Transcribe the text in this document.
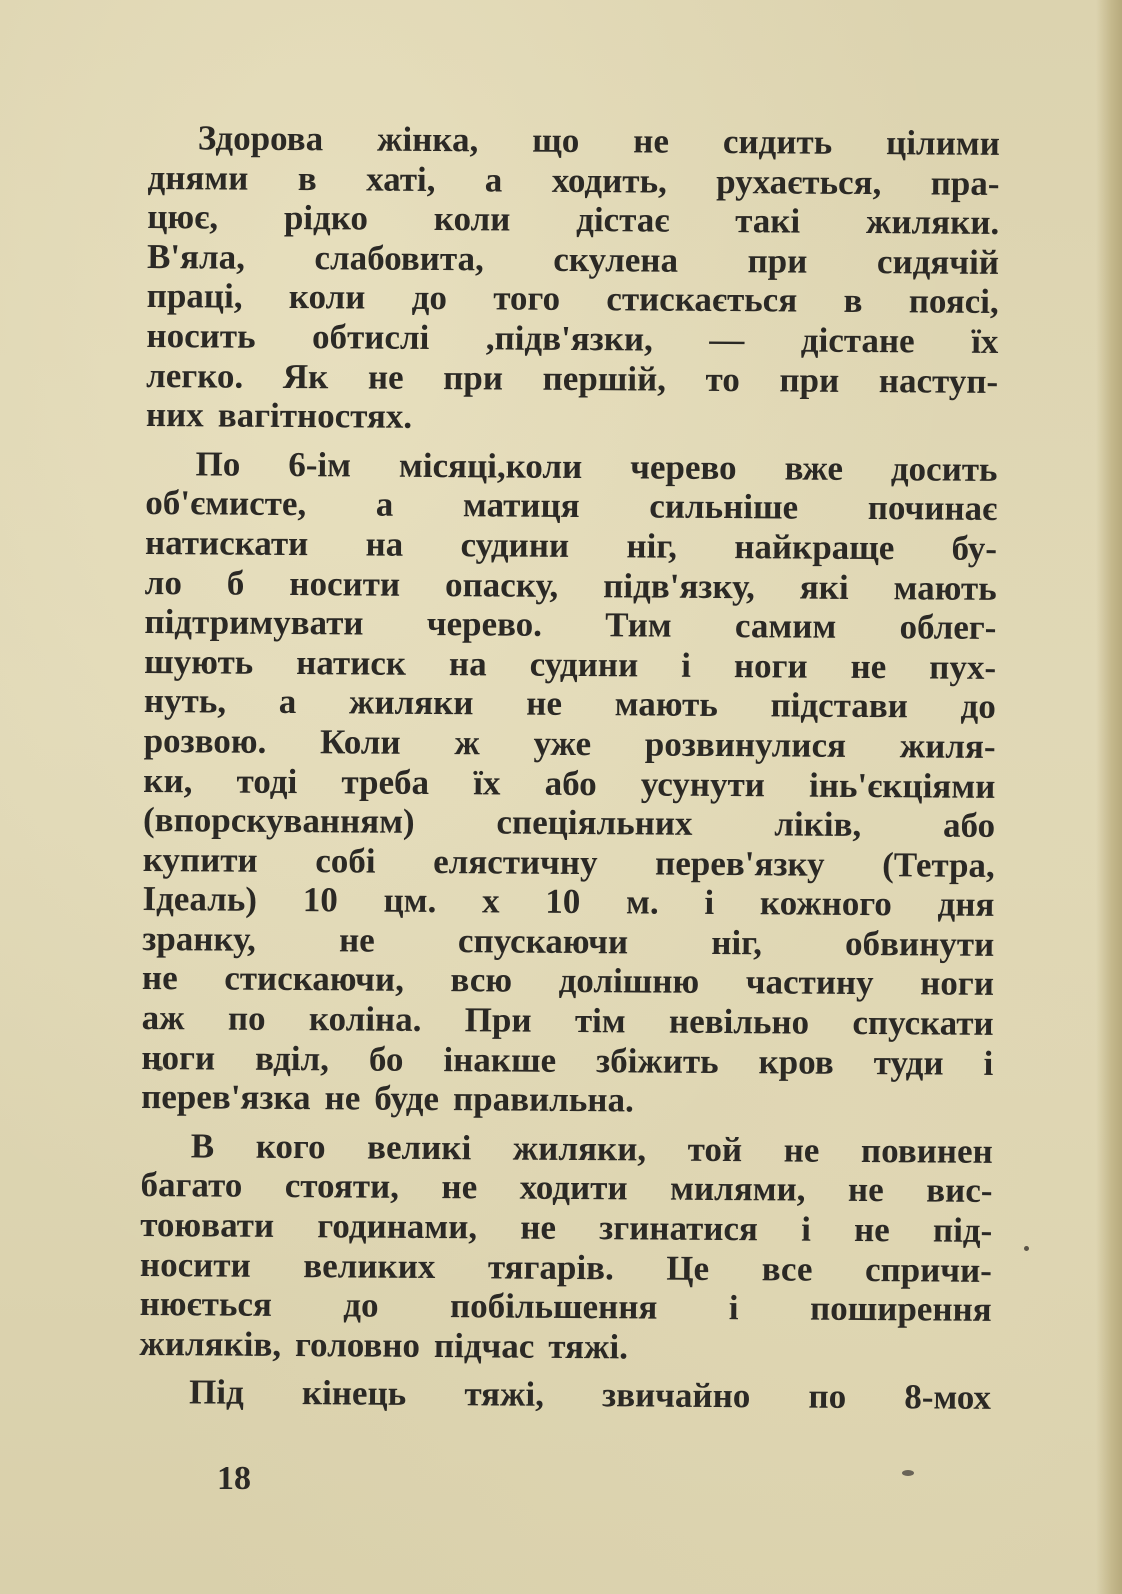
Здорова жінка, що не сидить цілими
днями в хаті, а ходить, рухається, пра-
цює, рідко коли дістає такі жиляки.
В'яла, слабовита, скулена при сидячій
праці, коли до того стискається в поясі,
носить обтислі ,підв'язки, — дістане їх
легко. Як не при першій, то при наступ-
них вагітностях.
По 6-ім місяці,коли черево вже досить
об'ємисте, а матиця сильніше починає
натискати на судини ніг, найкраще бу-
ло б носити опаску, підв'язку, які мають
підтримувати черево. Тим самим облег-
шують натиск на судини і ноги не пух-
нуть, а жиляки не мають підстави до
розвою. Коли ж уже розвинулися жиля-
ки, тоді треба їх або усунути інь'єкціями
(впорскуванням) спеціяльних ліків, або
купити собі елястичну перев'язку (Тетра,
Ідеаль) 10 цм. х 10 м. і кожного дня
зранку, не спускаючи ніг, обвинути
не стискаючи, всю долішню частину ноги
аж по коліна. При тім невільно спускати
ноги вділ, бо інакше збіжить кров туди і
перев'язка не буде правильна.
В кого великі жиляки, той не повинен
багато стояти, не ходити милями, не вис-
тоювати годинами, не згинатися і не під-
носити великих тягарів. Це все спричи-
нюється до побільшення і поширення
жиляків, головно підчас тяжі.
Під кінець тяжі, звичайно по 8-мох
18
